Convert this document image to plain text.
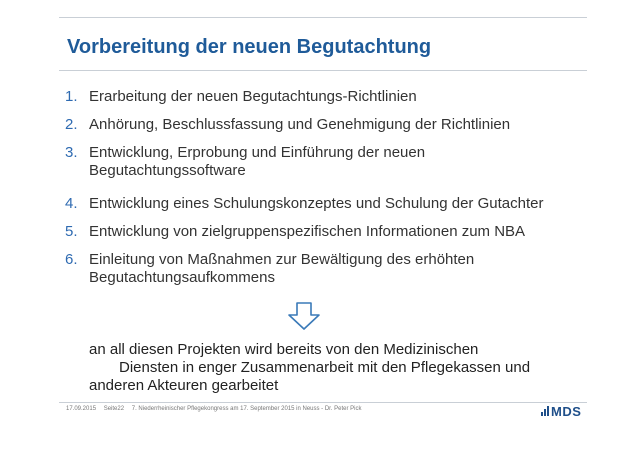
Vorbereitung der neuen Begutachtung
1. Erarbeitung der neuen Begutachtungs-Richtlinien
2. Anhörung, Beschlussfassung und Genehmigung der Richtlinien
3. Entwicklung, Erprobung und Einführung der neuen Begutachtungssoftware
4. Entwicklung eines Schulungskonzeptes und Schulung der Gutachter
5. Entwicklung von zielgruppenspezifischen Informationen zum NBA
6. Einleitung von Maßnahmen zur Bewältigung des erhöhten Begutachtungsaufkommens
an all diesen Projekten wird bereits von den Medizinischen
Diensten in enger Zusammenarbeit mit den Pflegekassen und
anderen Akteuren gearbeitet
17.09.2015 Seite22 7. Niederrheinischer Pflegekongress am 17. September 2015 in Neuss - Dr. Peter Pick	MDS
